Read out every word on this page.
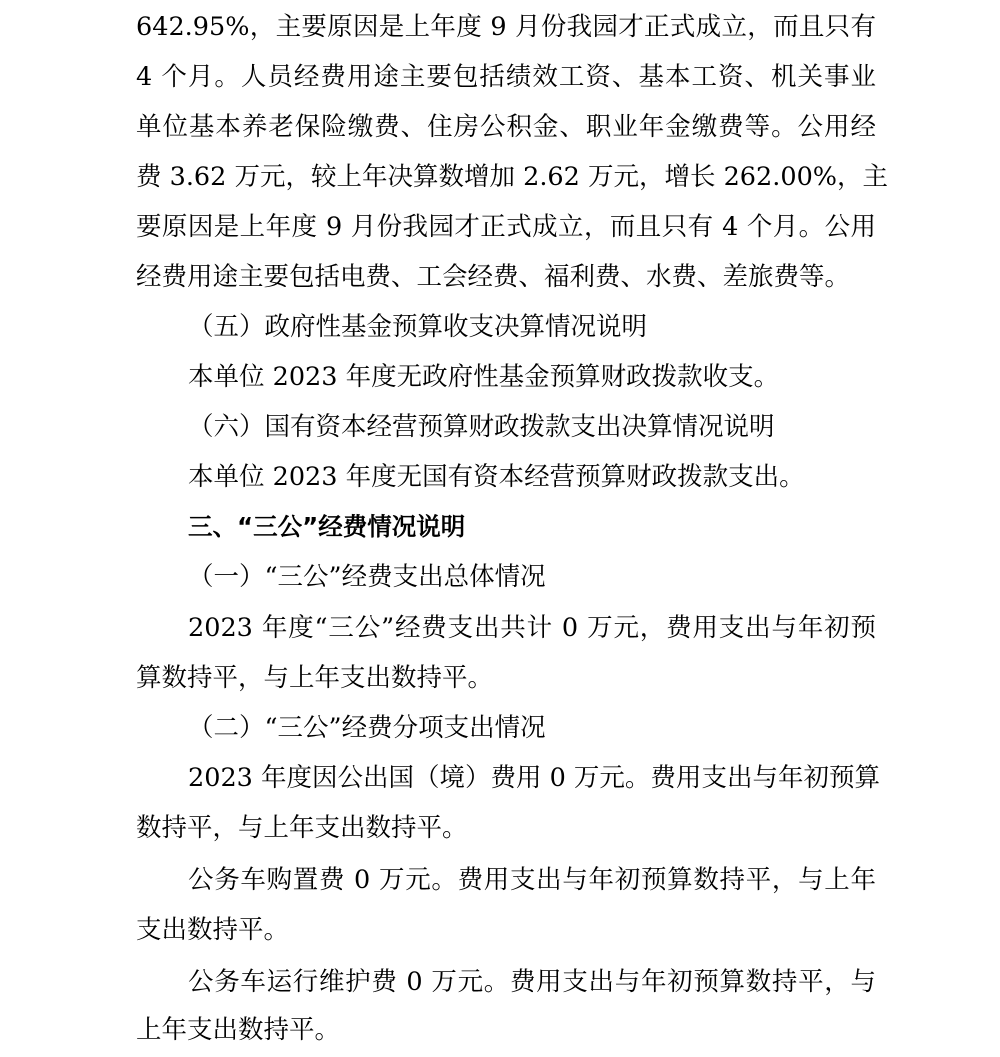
642.95%，主要原因是上年度 9 月份我园才正式成立，而且只有
4 个月。人员经费用途主要包括绩效工资、基本工资、机关事业
单位基本养老保险缴费、住房公积金、职业年金缴费等。公用经
费 3.62 万元，较上年决算数增加 2.62 万元，增长 262.00%，主
要原因是上年度 9 月份我园才正式成立，而且只有 4 个月。公用
经费用途主要包括电费、工会经费、福利费、水费、差旅费等。
（五）政府性基金预算收支决算情况说明
本单位 2023 年度无政府性基金预算财政拨款收支。
（六）国有资本经营预算财政拨款支出决算情况说明
本单位 2023 年度无国有资本经营预算财政拨款支出。
三、“三公”经费情况说明
（一）“三公”经费支出总体情况
2023 年度“三公”经费支出共计 0 万元，费用支出与年初预
算数持平，与上年支出数持平。
（二）“三公”经费分项支出情况
2023 年度因公出国（境）费用 0 万元。费用支出与年初预算
数持平，与上年支出数持平。
公务车购置费 0 万元。费用支出与年初预算数持平，与上年
支出数持平。
公务车运行维护费 0 万元。费用支出与年初预算数持平，与
上年支出数持平。
